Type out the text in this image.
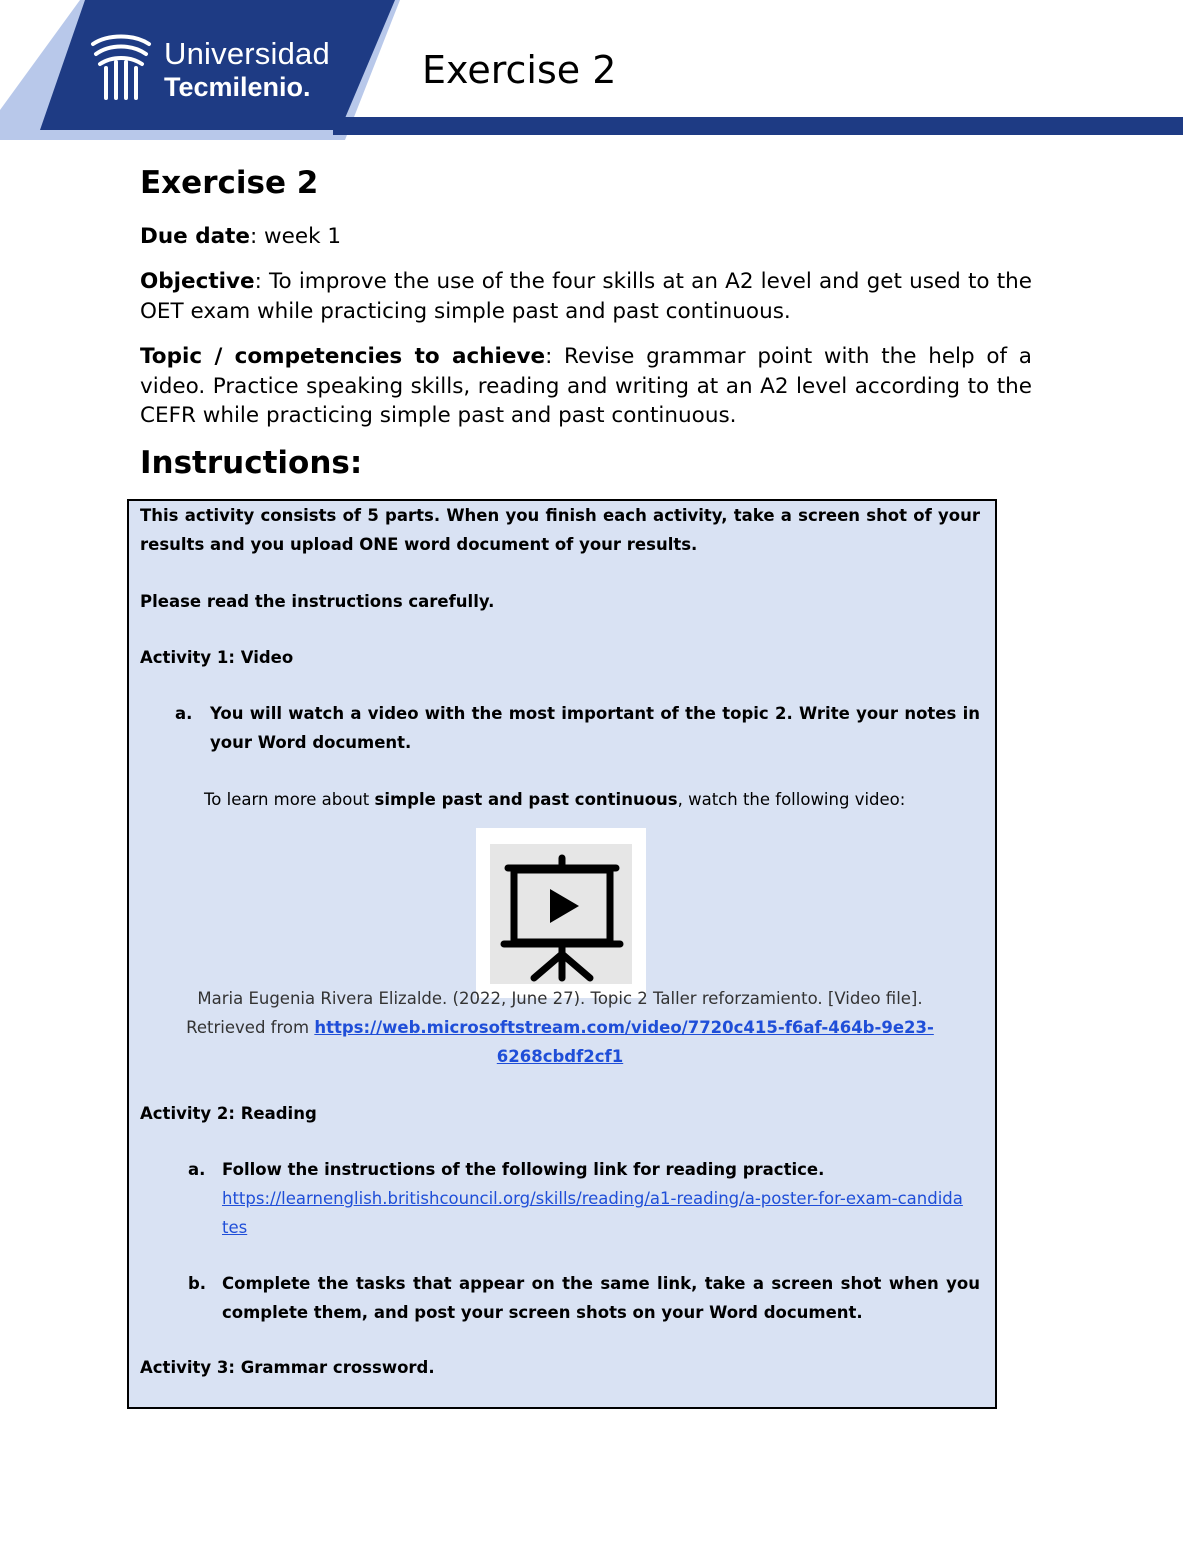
Universidad
Tecmilenio.	Exercise 2
Exercise 2
Due date: week 1
Objective: To improve the use of the four skills at an A2 level and get used to the OET exam while practicing simple past and past continuous.
Topic / competencies to achieve: Revise grammar point with the help of a video. Practice speaking skills, reading and writing at an A2 level according to the CEFR while practicing simple past and past continuous.
Instructions:
This activity consists of 5 parts. When you finish each activity, take a screen shot of your results and you upload ONE word document of your results.
Please read the instructions carefully.
Activity 1: Video
a. You will watch a video with the most important of the topic 2. Write your notes in your Word document.
To learn more about simple past and past continuous, watch the following video:
Maria Eugenia Rivera Elizalde. (2022, June 27). Topic 2 Taller reforzamiento. [Video file].
Retrieved from https://web.microsoftstream.com/video/7720c415-f6af-464b-9e23-6268cbdf2cf1
Activity 2: Reading
a. Follow the instructions of the following link for reading practice.
https://learnenglish.britishcouncil.org/skills/reading/a1-reading/a-poster-for-exam-candidates
b. Complete the tasks that appear on the same link, take a screen shot when you complete them, and post your screen shots on your Word document.
Activity 3: Grammar crossword.
